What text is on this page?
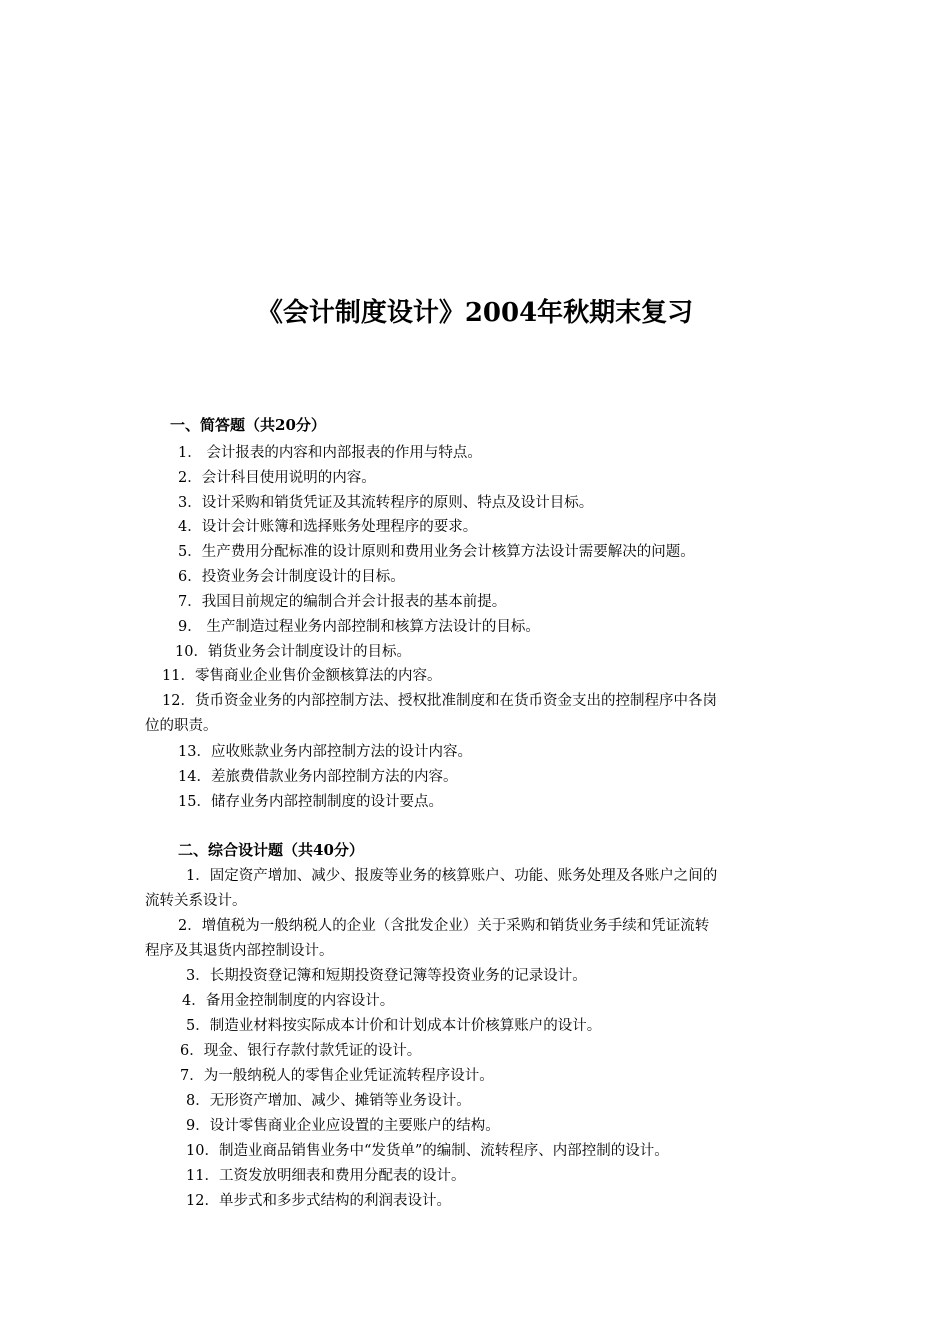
《会计制度设计》2004年秋期末复习
一、简答题（共20分）
1． 会计报表的内容和内部报表的作用与特点。
2．会计科目使用说明的内容。
3．设计采购和销货凭证及其流转程序的原则、特点及设计目标。
4．设计会计账簿和选择账务处理程序的要求。
5．生产费用分配标准的设计原则和费用业务会计核算方法设计需要解决的问题。
6．投资业务会计制度设计的目标。
7．我国目前规定的编制合并会计报表的基本前提。
9． 生产制造过程业务内部控制和核算方法设计的目标。
10．销货业务会计制度设计的目标。
11．零售商业企业售价金额核算法的内容。
12．货币资金业务的内部控制方法、授权批准制度和在货币资金支出的控制程序中各岗
位的职责。
13．应收账款业务内部控制方法的设计内容。
14．差旅费借款业务内部控制方法的内容。
15．储存业务内部控制制度的设计要点。
二、综合设计题（共40分）
1．固定资产增加、减少、报废等业务的核算账户、功能、账务处理及各账户之间的
流转关系设计。
2．增值税为一般纳税人的企业（含批发企业）关于采购和销货业务手续和凭证流转
程序及其退货内部控制设计。
3．长期投资登记簿和短期投资登记簿等投资业务的记录设计。
4．备用金控制制度的内容设计。
5．制造业材料按实际成本计价和计划成本计价核算账户的设计。
6．现金、银行存款付款凭证的设计。
7．为一般纳税人的零售企业凭证流转程序设计。
8．无形资产增加、减少、摊销等业务设计。
9．设计零售商业企业应设置的主要账户的结构。
10．制造业商品销售业务中“发货单”的编制、流转程序、内部控制的设计。
11．工资发放明细表和费用分配表的设计。
12．单步式和多步式结构的利润表设计。
